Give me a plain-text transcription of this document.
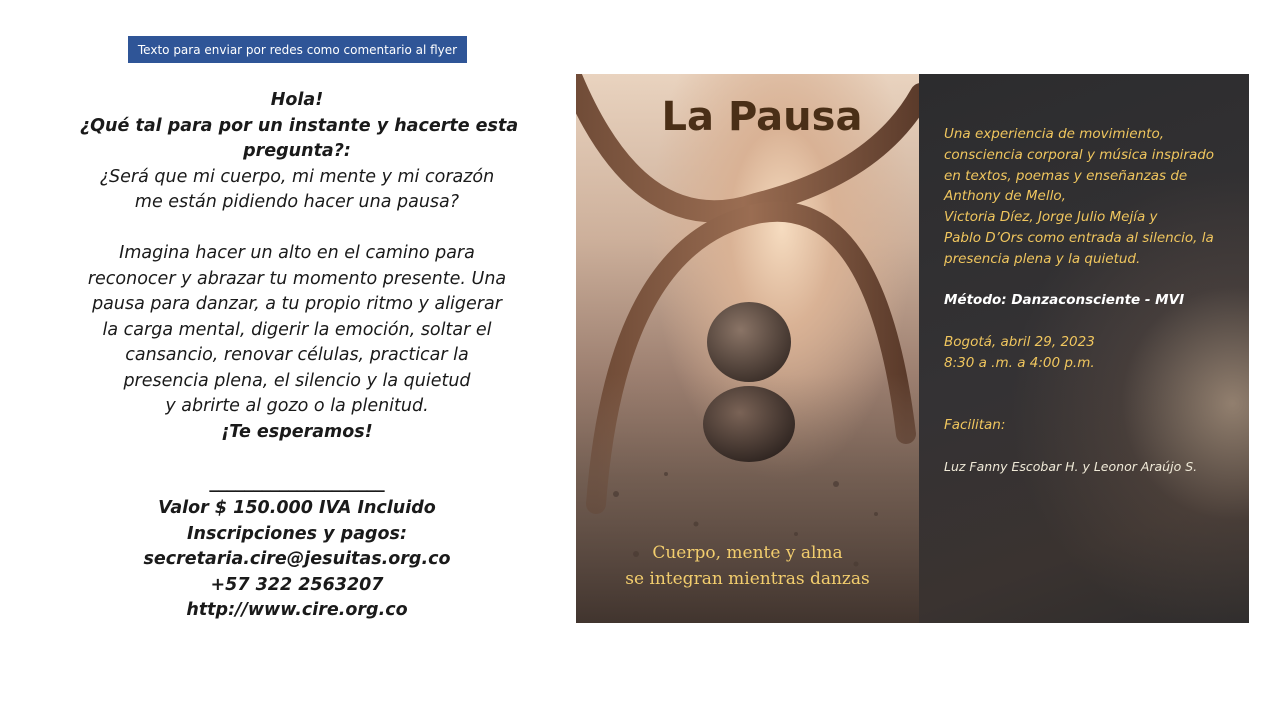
Texto para enviar por redes como comentario al flyer
Hola!
¿Qué tal para por un instante y hacerte esta
pregunta?:
¿Será que mi cuerpo, mi mente y mi corazón
me están pidiendo hacer una pausa?
Imagina hacer un alto en el camino para
reconocer y abrazar tu momento presente. Una
pausa para danzar, a tu propio ritmo y aligerar
la carga mental, digerir la emoción, soltar el
cansancio, renovar células, practicar la
presencia plena, el silencio y la quietud
y abrirte al gozo o la plenitud.
¡Te esperamos!
____________________
Valor $ 150.000 IVA Incluido
Inscripciones y pagos:
secretaria.cire@jesuitas.org.co
+57 322 2563207
http://www.cire.org.co
La Pausa
Cuerpo, mente y alma
se integran mientras danzas
Una experiencia de movimiento,
consciencia corporal y música inspirado
en textos, poemas y enseñanzas de
Anthony de Mello,
Victoria Díez, Jorge Julio Mejía y
Pablo D’Ors como entrada al silencio, la
presencia plena y la quietud.
Método: Danzaconsciente - MVI
Bogotá, abril 29, 2023
8:30 a .m. a 4:00 p.m.
Facilitan:
Luz Fanny Escobar H. y Leonor Araújo S.
